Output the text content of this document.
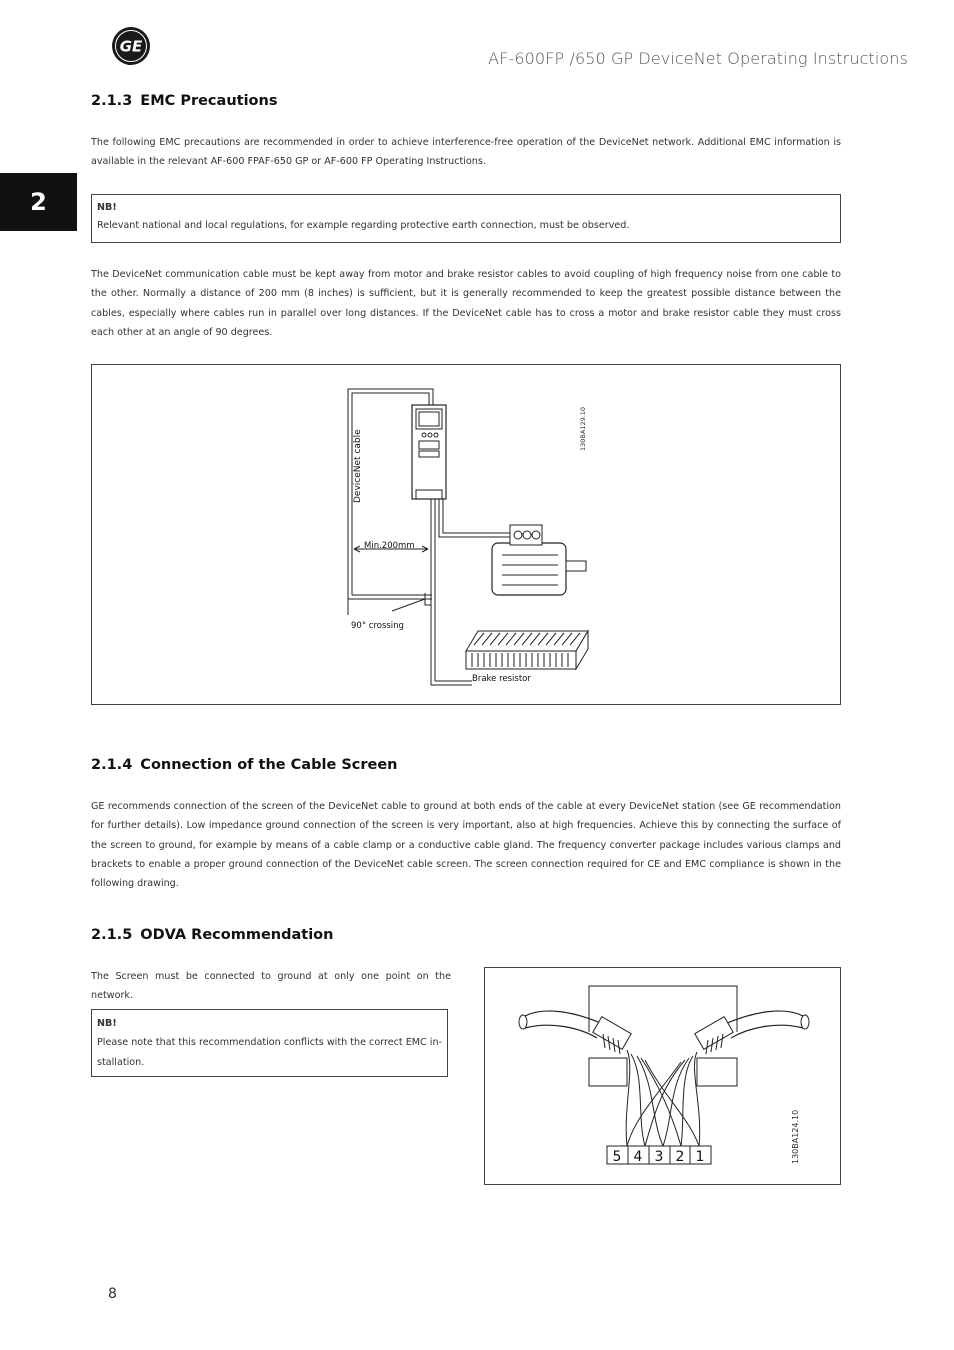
GE
AF-600FP /650 GP DeviceNet Operating Instructions
2
2.1.3 EMC Precautions
The following EMC precautions are recommended in order to achieve interference-free operation of the DeviceNet network. Additional EMC information is available in the relevant AF-600 FPAF-650 GP or AF-600 FP Operating Instructions.
NB!
Relevant national and local regulations, for example regarding protective earth connection, must be observed.
The DeviceNet communication cable must be kept away from motor and brake resistor cables to avoid coupling of high frequency noise from one cable to the other. Normally a distance of 200 mm (8 inches) is sufficient, but it is generally recommended to keep the greatest possible distance between the cables, especially where cables run in parallel over long distances. If the DeviceNet cable has to cross a motor and brake resistor cable they must cross each other at an angle of 90 degrees.
DeviceNet cable
Min.200mm
90° crossing
Brake resistor
130BA129.10
2.1.4 Connection of the Cable Screen
GE recommends connection of the screen of the DeviceNet cable to ground at both ends of the cable at every DeviceNet station (see GE recommendation for further details). Low impedance ground connection of the screen is very important, also at high frequencies. Achieve this by connecting the surface of the screen to ground, for example by means of a cable clamp or a conductive cable gland. The frequency converter package includes various clamps and brackets to enable a proper ground connection of the DeviceNet cable screen. The screen connection required for CE and EMC compliance is shown in the following drawing.
2.1.5 ODVA Recommendation
The Screen must be connected to ground at only one point on the network.
NB!
Please note that this recommendation conflicts with the correct EMC in-stallation.
5 4 3 2 1	130BA124.10
8
